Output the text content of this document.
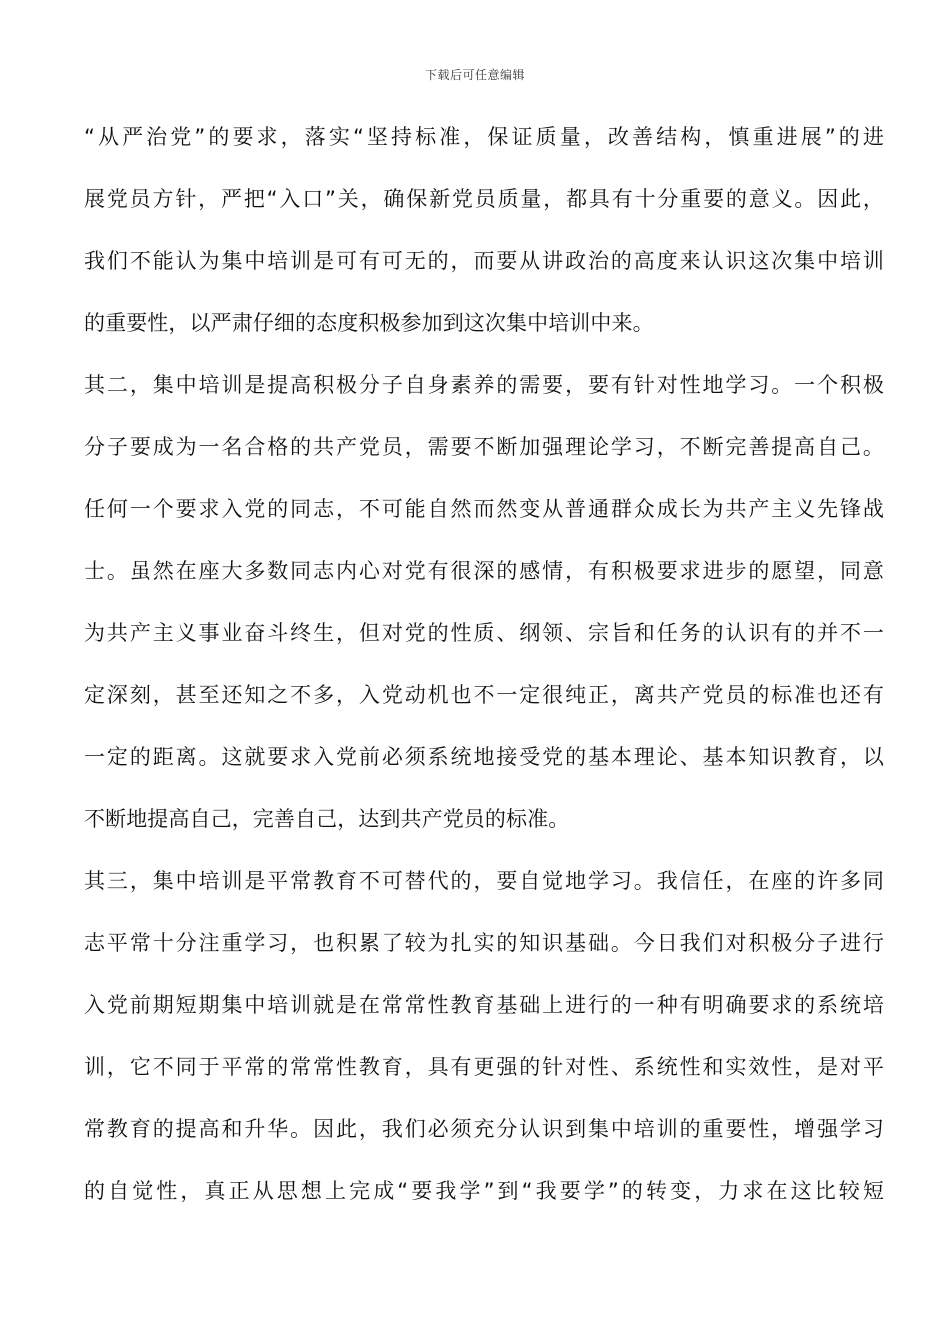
下载后可任意编辑
“从严治党”的要求，落实“坚持标准，保证质量，改善结构，慎重进展”的进
展党员方针，严把“入口”关，确保新党员质量，都具有十分重要的意义。因此，
我们不能认为集中培训是可有可无的，而要从讲政治的高度来认识这次集中培训
的重要性，以严肃仔细的态度积极参加到这次集中培训中来。
其二，集中培训是提高积极分子自身素养的需要，要有针对性地学习。一个积极
分子要成为一名合格的共产党员，需要不断加强理论学习，不断完善提高自己。
任何一个要求入党的同志，不可能自然而然变从普通群众成长为共产主义先锋战
士。虽然在座大多数同志内心对党有很深的感情，有积极要求进步的愿望，同意
为共产主义事业奋斗终生，但对党的性质、纲领、宗旨和任务的认识有的并不一
定深刻，甚至还知之不多，入党动机也不一定很纯正，离共产党员的标准也还有
一定的距离。这就要求入党前必须系统地接受党的基本理论、基本知识教育，以
不断地提高自己，完善自己，达到共产党员的标准。
其三，集中培训是平常教育不可替代的，要自觉地学习。我信任，在座的许多同
志平常十分注重学习，也积累了较为扎实的知识基础。今日我们对积极分子进行
入党前期短期集中培训就是在常常性教育基础上进行的一种有明确要求的系统培
训，它不同于平常的常常性教育，具有更强的针对性、系统性和实效性，是对平
常教育的提高和升华。因此，我们必须充分认识到集中培训的重要性，增强学习
的自觉性，真正从思想上完成“要我学”到“我要学”的转变，力求在这比较短
